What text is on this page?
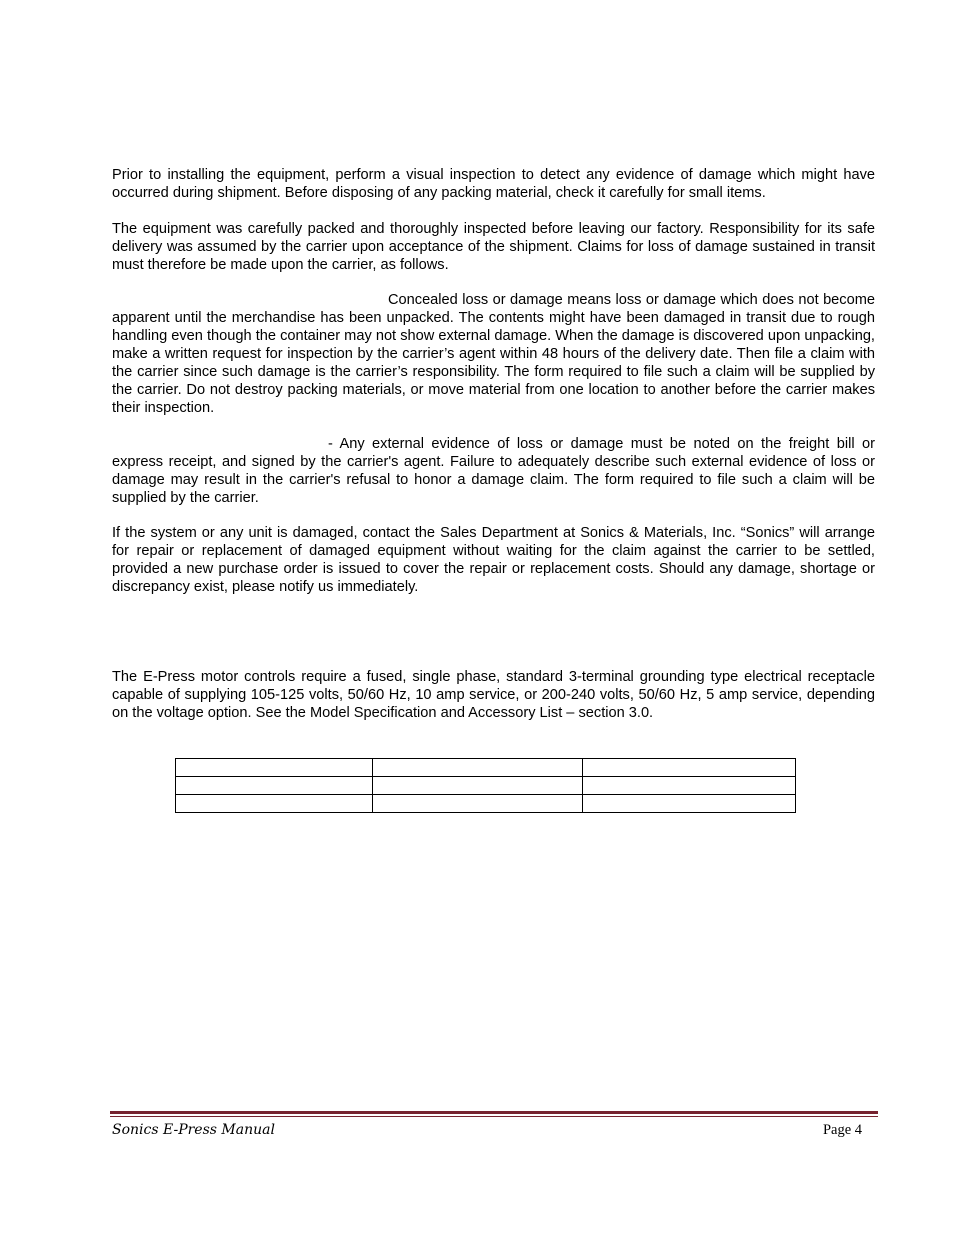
Prior to installing the equipment, perform a visual inspection to detect any evidence of damage which might have occurred during shipment. Before disposing of any packing material, check it carefully for small items.

The equipment was carefully packed and thoroughly inspected before leaving our factory. Responsibility for its safe delivery was assumed by the carrier upon acceptance of the shipment. Claims for loss of damage sustained in transit must therefore be made upon the carrier, as follows.

Concealed loss or damage means loss or damage which does not become apparent until the merchandise has been unpacked. The contents might have been damaged in transit due to rough handling even though the container may not show external damage. When the damage is discovered upon unpacking, make a written request for inspection by the carrier’s agent within 48 hours of the delivery date. Then file a claim with the carrier since such damage is the carrier’s responsibility. The form required to file such a claim will be supplied by the carrier. Do not destroy packing materials, or move material from one location to another before the carrier makes their inspection.

- Any external evidence of loss or damage must be noted on the freight bill or express receipt, and signed by the carrier's agent. Failure to adequately describe such external evidence of loss or damage may result in the carrier's refusal to honor a damage claim. The form required to file such a claim will be supplied by the carrier.

If the system or any unit is damaged, contact the Sales Department at Sonics & Materials, Inc. “Sonics” will arrange for repair or replacement of damaged equipment without waiting for the claim against the carrier to be settled, provided a new purchase order is issued to cover the repair or replacement costs. Should any damage, shortage or discrepancy exist, please notify us immediately.

The E-Press motor controls require a fused, single phase, standard 3-terminal grounding type electrical receptacle capable of supplying 105-125 volts, 50/60 Hz, 10 amp service, or 200-240 volts, 50/60 Hz, 5 amp service, depending on the voltage option. See the Model Specification and Accessory List – section 3.0.

Sonics E-Press Manual	Page 4
